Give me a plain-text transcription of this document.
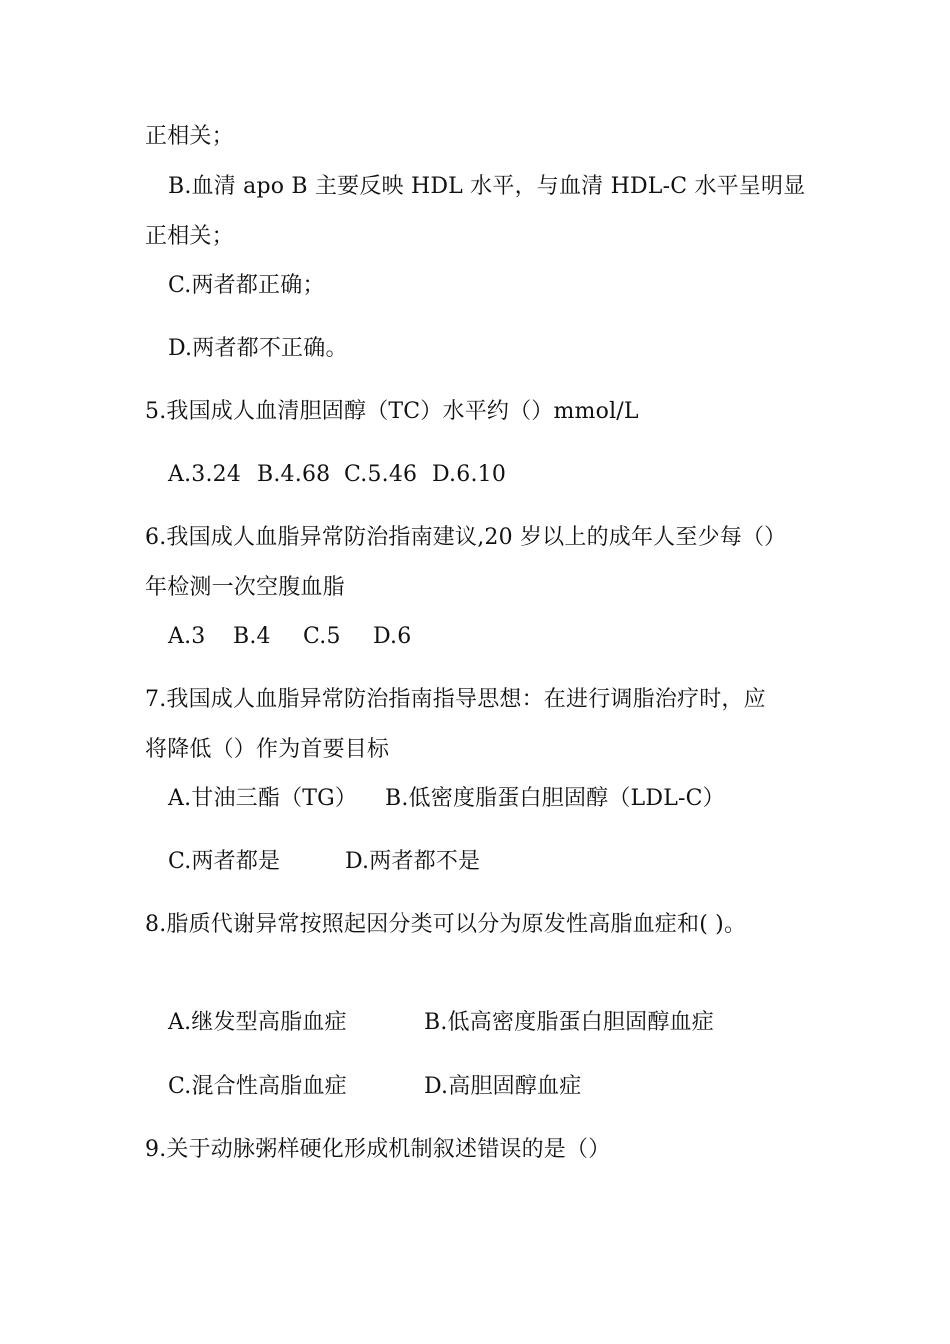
正相关；
B.血清 apo B 主要反映 HDL 水平，与血清 HDL-C 水平呈明显
正相关；
C.两者都正确；
D.两者都不正确。
5.我国成人血清胆固醇（TC）水平约（）mmol/L
A.3.24 B.4.68 C.5.46 D.6.10
6.我国成人血脂异常防治指南建议,20 岁以上的成年人至少每（）
年检测一次空腹血脂
A.3 B.4 C.5 D.6
7.我国成人血脂异常防治指南指导思想：在进行调脂治疗时，应
将降低（）作为首要目标
A.甘油三酯（TG） B.低密度脂蛋白胆固醇（LDL-C）
C.两者都是	D.两者都不是
8.脂质代谢异常按照起因分类可以分为原发性高脂血症和( )。
A.继发型高脂血症	B.低高密度脂蛋白胆固醇血症
C.混合性高脂血症	D.高胆固醇血症
9.关于动脉粥样硬化形成机制叙述错误的是（）
